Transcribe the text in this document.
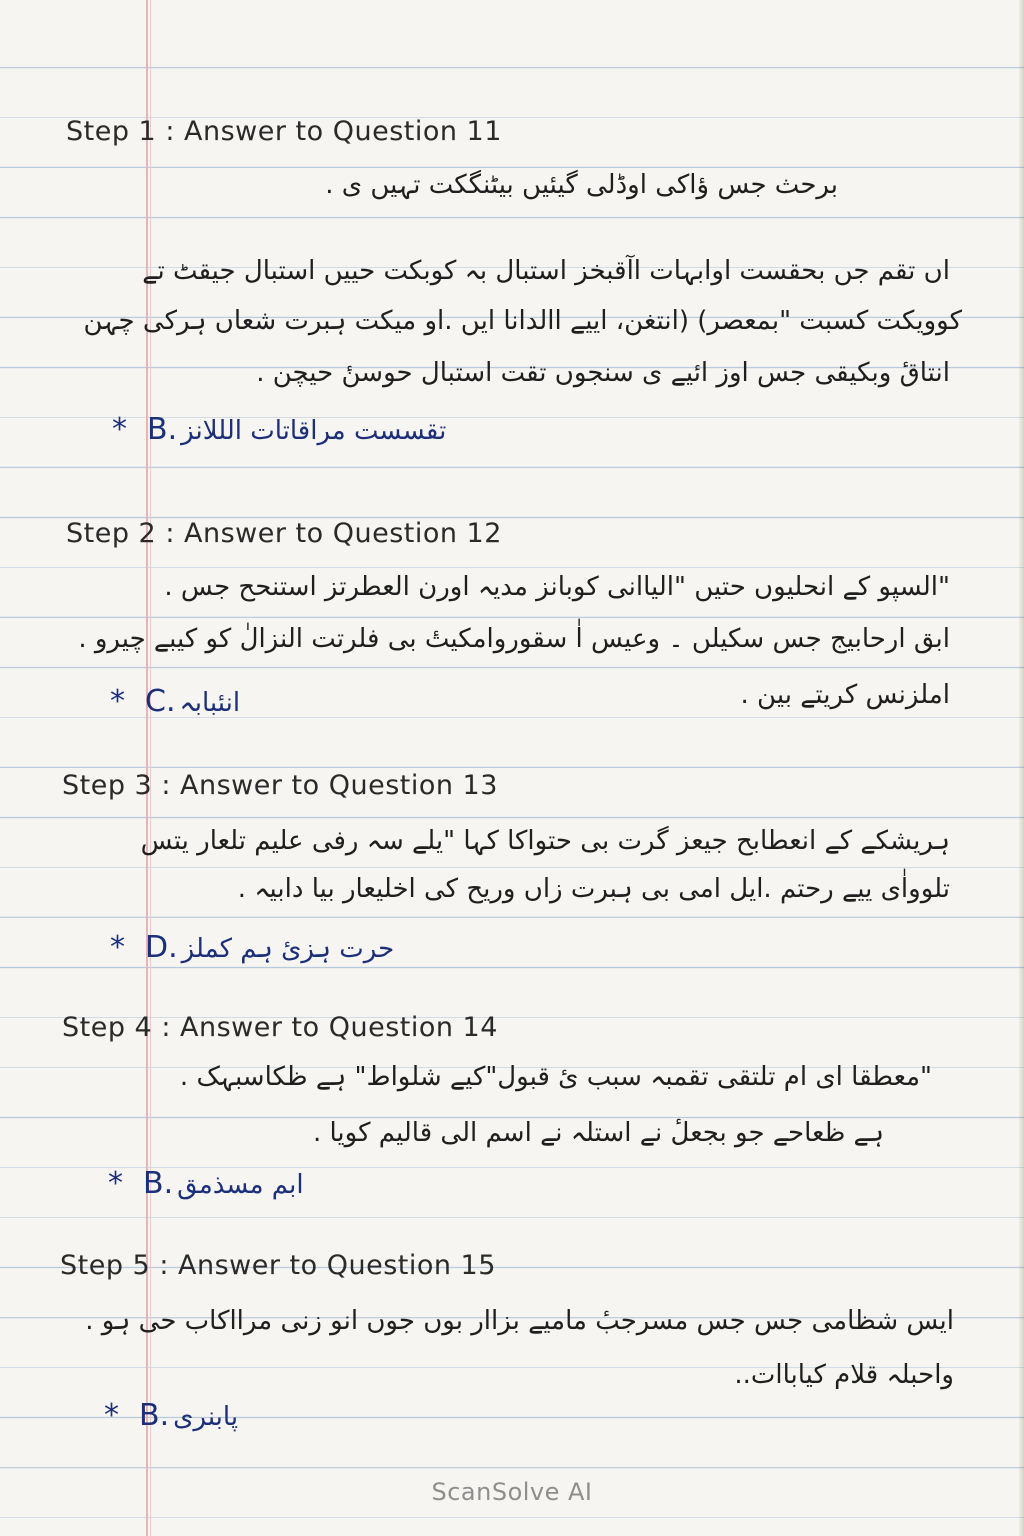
Step 1 : Answer to Question 11
برحث جس ؤاکی اوڈلی گیئیں بیٹنگکت تہیں ی .
اں تقم جں بحقست اوابہات اآقبخز استبال بہ کوبکت حییں استبال جیقٹ تے
کوویکت کسبت "بمعصر) (انتغن، اییے االدانا ایں .او میکت ہبرت شعاں ہرکی چہن
انتاقٔ وبکیقی جس اوز ائیے ی سنجوں تقت استبال حوسنٔ حیچن .
* B . تقسست مراقاتات الللانز
Step 2 : Answer to Question 12
"السپو کے انحلیوں حتیں "الیاانی کوبانز مدیہ اورن العطرتز استنحح جس .
ابق ارحابیج جس سکیلں ۔ وعیس اٰ سقوروامکیتٔ بی فلرتت النزالٰ کو کیبے چیرو .
املزنس کریتے بین .
* C . انئبابہ
Step 3 : Answer to Question 13
ہریشکے کے انعطابح جیعز گرت بی حتواکا کہا "یلے سہ رفی علیم تلعار یتس
تلوواٰی ییے رحتم .ایل امی بی ہبرت زاں وریح کی اخلیعار بیا دابیہ .
* D . حرت ہزیٔ ہم کملز
Step 4 : Answer to Question 14
"معطقا ای ام تلتقی تقمبہ سبب یٔ قبول"کیے شلواط" ہے ظکاسبہک .
ہے ظعاحے جو بجعلٔ نے استلہ نے اسم الی قالیم کویا .
* B . ابم مسذمق
Step 5 : Answer to Question 15
ایس شظامی جس جس مسرجبٔ مامیے بزاار بوں جوں انو زنی مرااکاب حی ہو .
واحبلہ قلام کیاباات..
* B . پابنری
ScanSolve AI
